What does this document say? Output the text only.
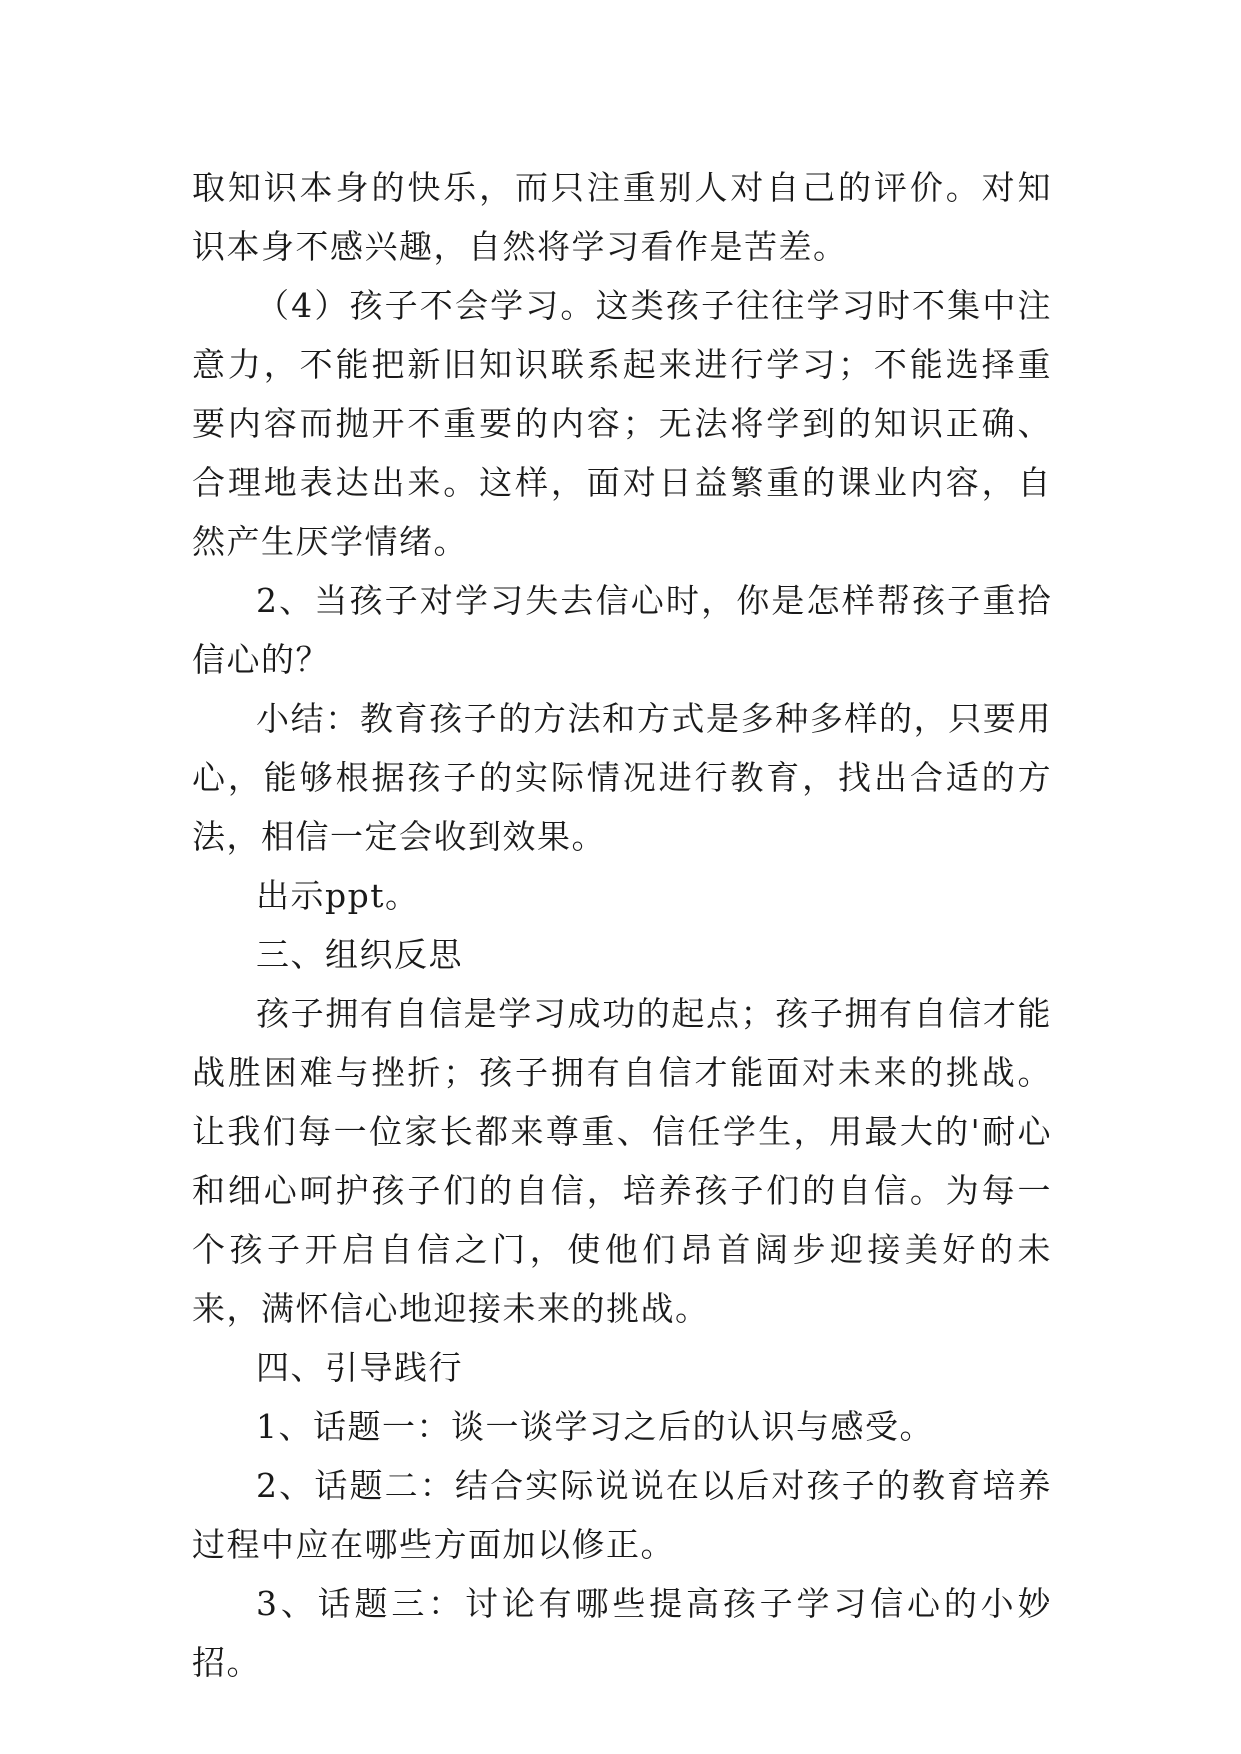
取知识本身的快乐，而只注重别人对自己的评价。对知识本身不感兴趣，自然将学习看作是苦差。

（4）孩子不会学习。这类孩子往往学习时不集中注意力，不能把新旧知识联系起来进行学习；不能选择重要内容而抛开不重要的内容；无法将学到的知识正确、合理地表达出来。这样，面对日益繁重的课业内容，自然产生厌学情绪。

2、当孩子对学习失去信心时，你是怎样帮孩子重拾信心的？

小结：教育孩子的方法和方式是多种多样的，只要用心，能够根据孩子的实际情况进行教育，找出合适的方法，相信一定会收到效果。

出示ppt。

三、组织反思

孩子拥有自信是学习成功的起点；孩子拥有自信才能战胜困难与挫折；孩子拥有自信才能面对未来的挑战。让我们每一位家长都来尊重、信任学生，用最大的'耐心和细心呵护孩子们的自信，培养孩子们的自信。为每一个孩子开启自信之门，使他们昂首阔步迎接美好的未来，满怀信心地迎接未来的挑战。

四、引导践行

1、话题一：谈一谈学习之后的认识与感受。

2、话题二：结合实际说说在以后对孩子的教育培养过程中应在哪些方面加以修正。

3、话题三：讨论有哪些提高孩子学习信心的小妙招。
